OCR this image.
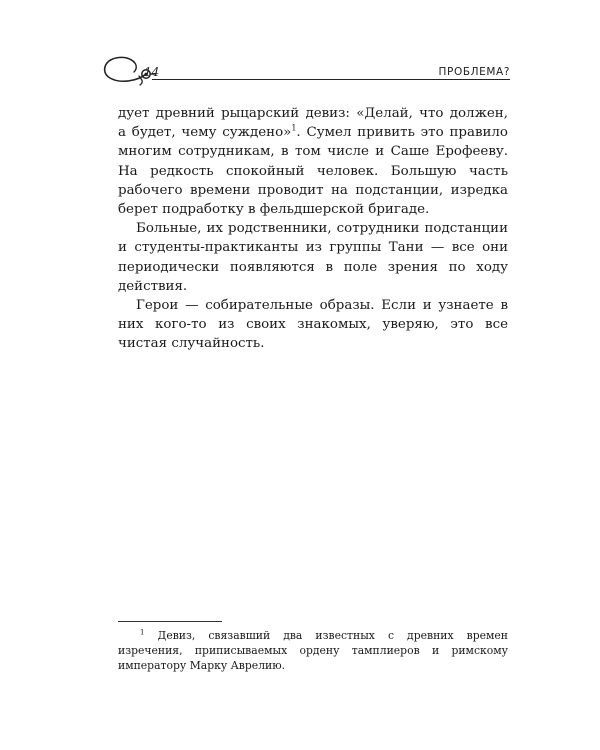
14	ПРОБЛЕМА?

дует древний рыцарский девиз: «Делай, что должен, а будет, чему суждено»$^1$. Сумел привить это правило многим сотрудникам, в том числе и Саше Ерофееву. На редкость спокойный человек. Большую часть рабочего времени проводит на подстанции, изредка берет подработку в фельдшерской бригаде.

Больные, их родственники, сотрудники подстанции и студенты-практиканты из группы Тани — все они периодически появляются в поле зрения по ходу действия.

Герои — собирательные образы. Если и узнаете в них кого-то из своих знакомых, уверяю, это все чистая случайность.

$^1$ Девиз, связавший два известных с древних времен изречения, приписываемых ордену тамплиеров и римскому императору Марку Аврелию.
